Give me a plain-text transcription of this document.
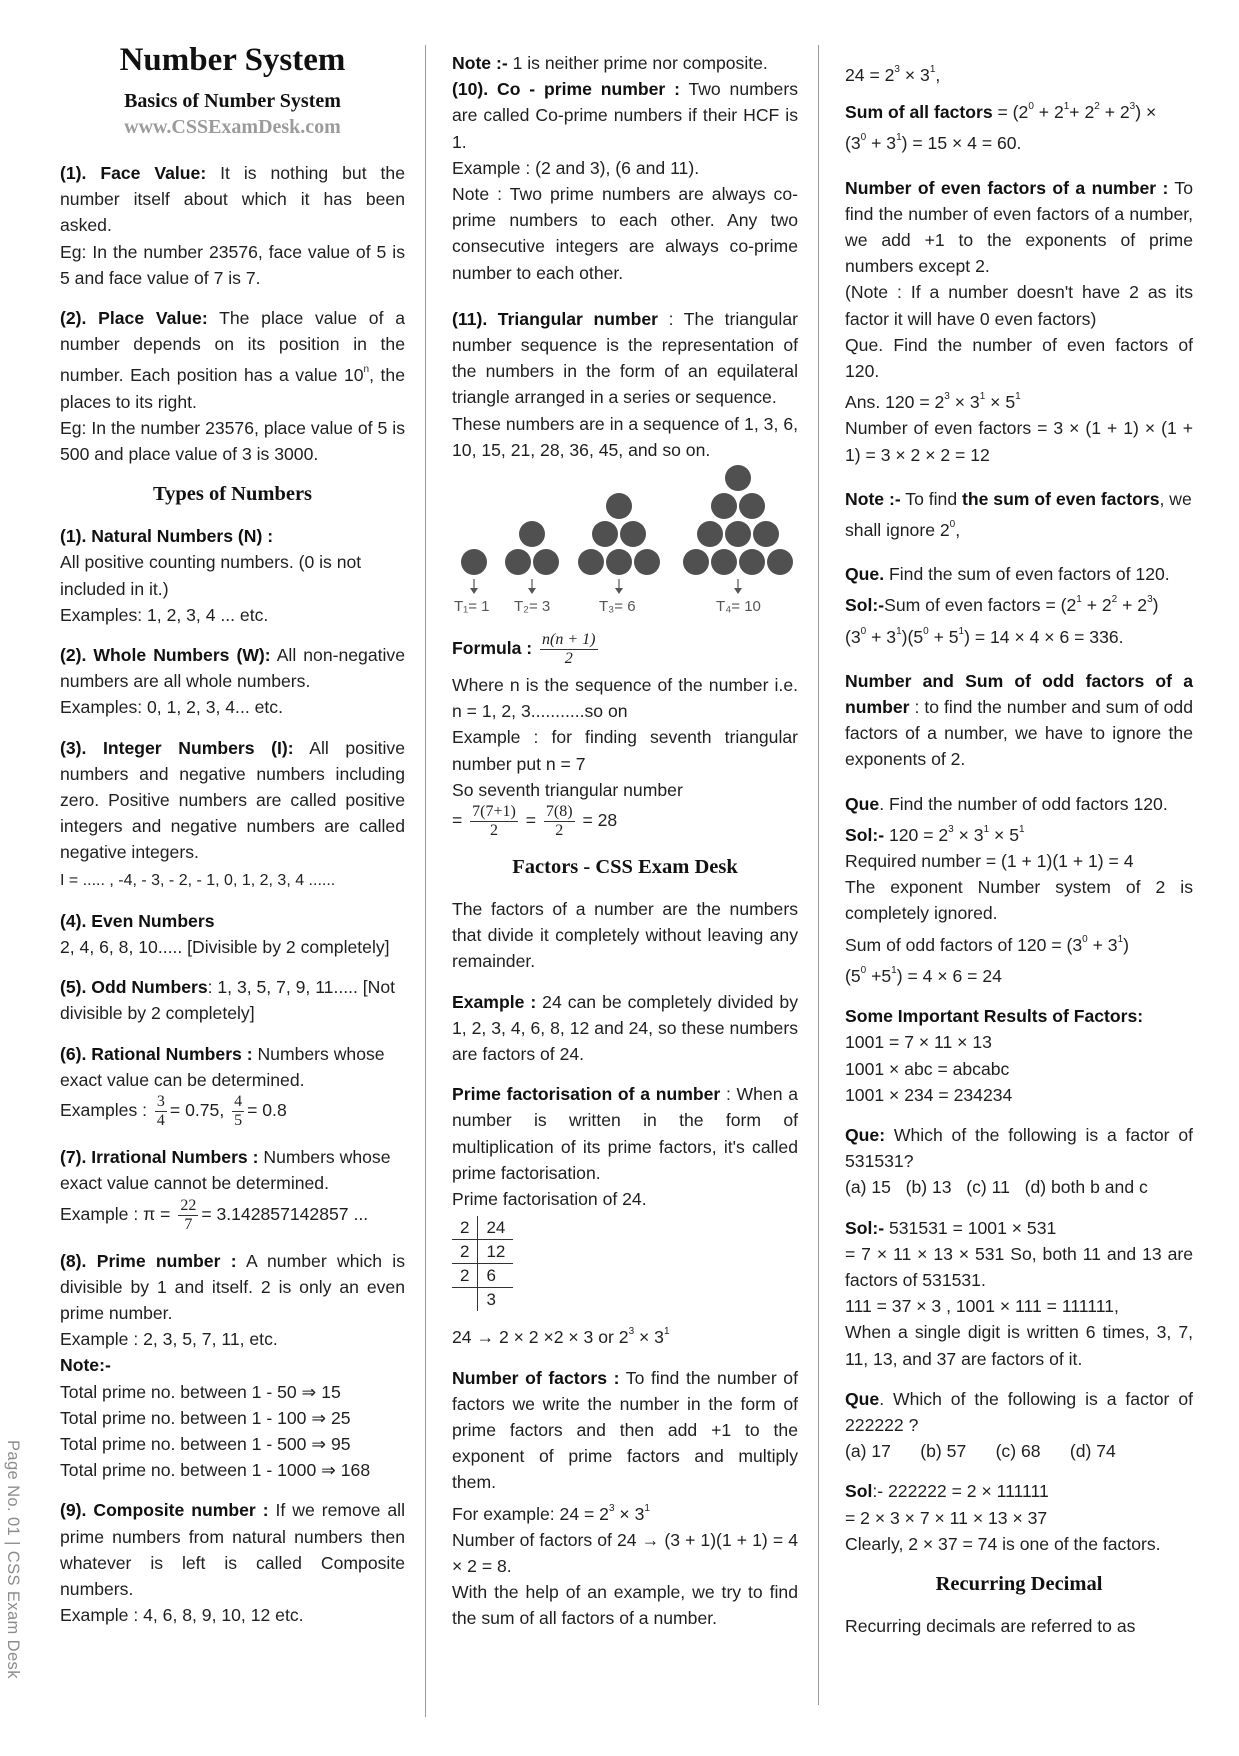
Number System
Basics of Number System
www.CSSExamDesk.com

(1). Face Value: It is nothing but the number itself about which it has been asked.
Eg: In the number 23576, face value of 5 is 5 and face value of 7 is 7.

(2). Place Value: The place value of a number depends on its position in the number. Each position has a value 10$^n$, the places to its right.
Eg: In the number 23576, place value of 5 is 500 and place value of 3 is 3000.

Types of Numbers

(1). Natural Numbers (N) :
All positive counting numbers. (0 is not included in it.)
Examples: 1, 2, 3, 4 ... etc.

(2). Whole Numbers (W): All non-negative numbers are all whole numbers.
Examples: 0, 1, 2, 3, 4... etc.

(3). Integer Numbers (I): All positive numbers and negative numbers including zero. Positive numbers are called positive integers and negative numbers are called negative integers.
I = ..... , -4, - 3, - 2, - 1, 0, 1, 2, 3, 4 ......

(4). Even Numbers
2, 4, 6, 8, 10..... [Divisible by 2 completely]

(5). Odd Numbers: 1, 3, 5, 7, 9, 11..... [Not divisible by 2 completely]

(6). Rational Numbers : Numbers whose exact value can be determined.
Examples : $\frac{3}{4} = 0.75$, $\frac{4}{5} = 0.8$

(7). Irrational Numbers : Numbers whose exact value cannot be determined.
Example : $\pi = \frac{22}{7} = 3.142857142857$ ...

(8). Prime number : A number which is divisible by 1 and itself. 2 is only an even prime number.
Example : 2, 3, 5, 7, 11, etc.
Note:-
Total prime no. between 1 - 50 ⇒ 15
Total prime no. between 1 - 100 ⇒ 25
Total prime no. between 1 - 500 ⇒ 95
Total prime no. between 1 - 1000 ⇒ 168

(9). Composite number : If we remove all prime numbers from natural numbers then whatever is left is called Composite numbers.
Example : 4, 6, 8, 9, 10, 12 etc.

Note :- 1 is neither prime nor composite.

(10). Co - prime number : Two numbers are called Co-prime numbers if their HCF is 1.
Example : (2 and 3), (6 and 11).
Note : Two prime numbers are always co-prime numbers to each other. Any two consecutive integers are always co-prime number to each other.

(11). Triangular number : The triangular number sequence is the representation of the numbers in the form of an equilateral triangle arranged in a series or sequence.
These numbers are in a sequence of 1, 3, 6, 10, 15, 21, 28, 36, 45, and so on.

T₁= 1 T₂= 3	T₃= 6	T₄= 10

Formula : $\frac{n(n + 1)}{2}$

Where n is the sequence of the number i.e. n = 1, 2, 3...........so on
Example : for finding seventh triangular number put n = 7
So seventh triangular number
= $\frac{7(7+1)}{2} = \frac{7(8)}{2} = 28$

Factors - CSS Exam Desk

The factors of a number are the numbers that divide it completely without leaving any remainder.

Example : 24 can be completely divided by 1, 2, 3, 4, 6, 8, 12 and 24, so these numbers are factors of 24.

Prime factorisation of a number : When a number is written in the form of multiplication of its prime factors, it's called prime factorisation.
Prime factorisation of 24.

2	24
2	12
2	6
	3

24 → 2 × 2 ×2 × 3 or $2^3 \times 3^1$

Number of factors : To find the number of factors we write the number in the form of prime factors and then add +1 to the exponent of prime factors and multiply them.
For example: $24 = 2^3 \times 3^1$
Number of factors of 24 → (3 + 1)(1 + 1) = 4 × 2 = 8.
With the help of an example, we try to find the sum of all factors of a number.

$24 = 2^3 \times 3^1$,

Sum of all factors = $(2^0 + 2^1+ 2^2 + 2^3)$ ×
$(3^0 + 3^1) = 15 \times 4 = 60$.

Number of even factors of a number : To find the number of even factors of a number, we add +1 to the exponents of prime numbers except 2.
(Note : If a number doesn't have 2 as its factor it will have 0 even factors)
Que. Find the number of even factors of 120.
Ans. $120 = 2^3 \times 3^1 \times 5^1$
Number of even factors = 3 × (1 + 1) × (1 + 1) = 3 × 2 × 2 = 12

Note :- To find the sum of even factors, we shall ignore $2^0$,

Que. Find the sum of even factors of 120.
Sol:-Sum of even factors = $(2^1 + 2^2 + 2^3)$
$(3^0 + 3^1)(5^0 + 5^1) = 14 \times 4 \times 6 = 336$.

Number and Sum of odd factors of a number : to find the number and sum of odd factors of a number, we have to ignore the exponents of 2.

Que. Find the number of odd factors 120.
Sol:- $120 = 2^3 \times 3^1 \times 5^1$
Required number = (1 + 1)(1 + 1) = 4
The exponent Number system of 2 is completely ignored.
Sum of odd factors of $120 = (3^0 + 3^1)$
$(5^0 +5^1) = 4 \times 6 = 24$

Some Important Results of Factors:
1001 = 7 × 11 × 13
1001 × abc = abcabc
1001 × 234 = 234234

Que: Which of the following is a factor of 531531?
(a) 15   (b) 13   (c) 11   (d) both b and c

Sol:- 531531 = 1001 × 531
= 7 × 11 × 13 × 531 So, both 11 and 13 are factors of 531531.
111 = 37 × 3 , 1001 × 111 = 111111,
When a single digit is written 6 times, 3, 7, 11, 13, and 37 are factors of it.

Que. Which of the following is a factor of 222222 ?
(a) 17      (b) 57      (c) 68      (d) 74

Sol:- 222222 = 2 × 111111
= 2 × 3 × 7 × 11 × 13 × 37
Clearly, 2 × 37 = 74 is one of the factors.

Recurring Decimal

Recurring decimals are referred to as

Page No. 01 | CSS Exam Desk
